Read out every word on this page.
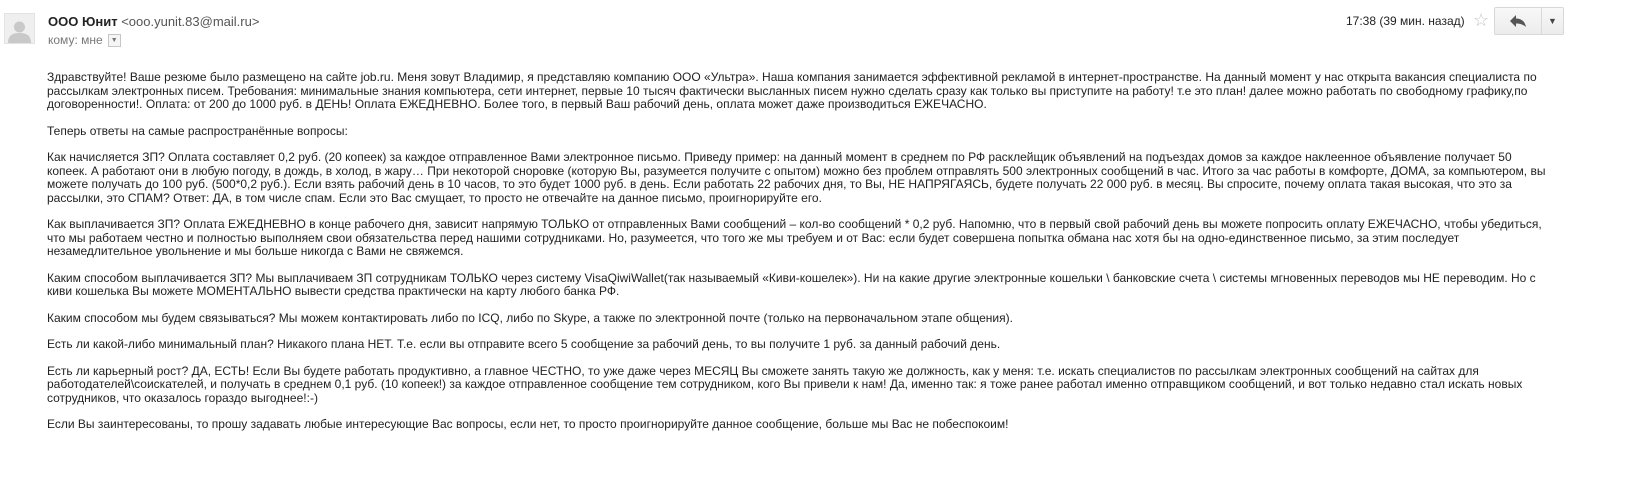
ООО Юнит <ooo.yunit.83@mail.ru>
кому: мне ▼
17:38 (39 мин. назад) ☆	▼

Здравствуйте! Ваше резюме было размещено на сайте job.ru. Меня зовут Владимир, я представляю компанию ООО «Ультра». Наша компания занимается эффективной рекламой в интернет-пространстве. На данный момент у нас открыта вакансия специалиста по рассылкам электронных писем. Требования: минимальные знания компьютера, сети интернет, первые 10 тысяч фактически высланных писем нужно сделать сразу как только вы приступите на работу! т.е это план! далее можно работать по свободному графику,по договоренности!. Оплата: от 200 до 1000 руб. в ДЕНЬ! Оплата ЕЖЕДНЕВНО. Более того, в первый Ваш рабочий день, оплата может даже производиться ЕЖЕЧАСНО.

Теперь ответы на самые распространённые вопросы:

Как начисляется ЗП? Оплата составляет 0,2 руб. (20 копеек) за каждое отправленное Вами электронное письмо. Приведу пример: на данный момент в среднем по РФ расклейщик объявлений на подъездах домов за каждое наклеенное объявление получает 50 копеек. А работают они в любую погоду, в дождь, в холод, в жару… При некоторой сноровке (которую Вы, разумеется получите с опытом) можно без проблем отправлять 500 электронных сообщений в час. Итого за час работы в комфорте, ДОМА, за компьютером, вы можете получать до 100 руб. (500*0,2 руб.). Если взять рабочий день в 10 часов, то это будет 1000 руб. в день. Если работать 22 рабочих дня, то Вы, НЕ НАПРЯГАЯСЬ, будете получать 22 000 руб. в месяц. Вы спросите, почему оплата такая высокая, что это за рассылки, это СПАМ? Ответ: ДА, в том числе спам. Если это Вас смущает, то просто не отвечайте на данное письмо, проигнорируйте его.

Как выплачивается ЗП? Оплата ЕЖЕДНЕВНО в конце рабочего дня, зависит напрямую ТОЛЬКО от отправленных Вами сообщений – кол-во сообщений * 0,2 руб. Напомню, что в первый свой рабочий день вы можете попросить оплату ЕЖЕЧАСНО, чтобы убедиться, что мы работаем честно и полностью выполняем свои обязательства перед нашими сотрудниками. Но, разумеется, что того же мы требуем и от Вас: если будет совершена попытка обмана нас хотя бы на одно-единственное письмо, за этим последует незамедлительное увольнение и мы больше никогда с Вами не свяжемся.

Каким способом выплачивается ЗП? Мы выплачиваем ЗП сотрудникам ТОЛЬКО через систему VisaQiwiWallet(так называемый «Киви-кошелек»). Ни на какие другие электронные кошельки \ банковские счета \ системы мгновенных переводов мы НЕ переводим. Но с киви кошелька Вы можете МОМЕНТАЛЬНО вывести средства практически на карту любого банка РФ.

Каким способом мы будем связываться? Мы можем контактировать либо по ICQ, либо по Skype, а также по электронной почте (только на первоначальном этапе общения).

Есть ли какой-либо минимальный план? Никакого плана НЕТ. Т.е. если вы отправите всего 5 сообщение за рабочий день, то вы получите 1 руб. за данный рабочий день.

Есть ли карьерный рост? ДА, ЕСТЬ! Если Вы будете работать продуктивно, а главное ЧЕСТНО, то уже даже через МЕСЯЦ Вы сможете занять такую же должность, как у меня: т.е. искать специалистов по рассылкам электронных сообщений на сайтах для работодателей\соискателей, и получать в среднем 0,1 руб. (10 копеек!) за каждое отправленное сообщение тем сотрудником, кого Вы привели к нам! Да, именно так: я тоже ранее работал именно отправщиком сообщений, и вот только недавно стал искать новых сотрудников, что оказалось гораздо выгоднее!:-)

Если Вы заинтересованы, то прошу задавать любые интересующие Вас вопросы, если нет, то просто проигнорируйте данное сообщение, больше мы Вас не побеспокоим!
